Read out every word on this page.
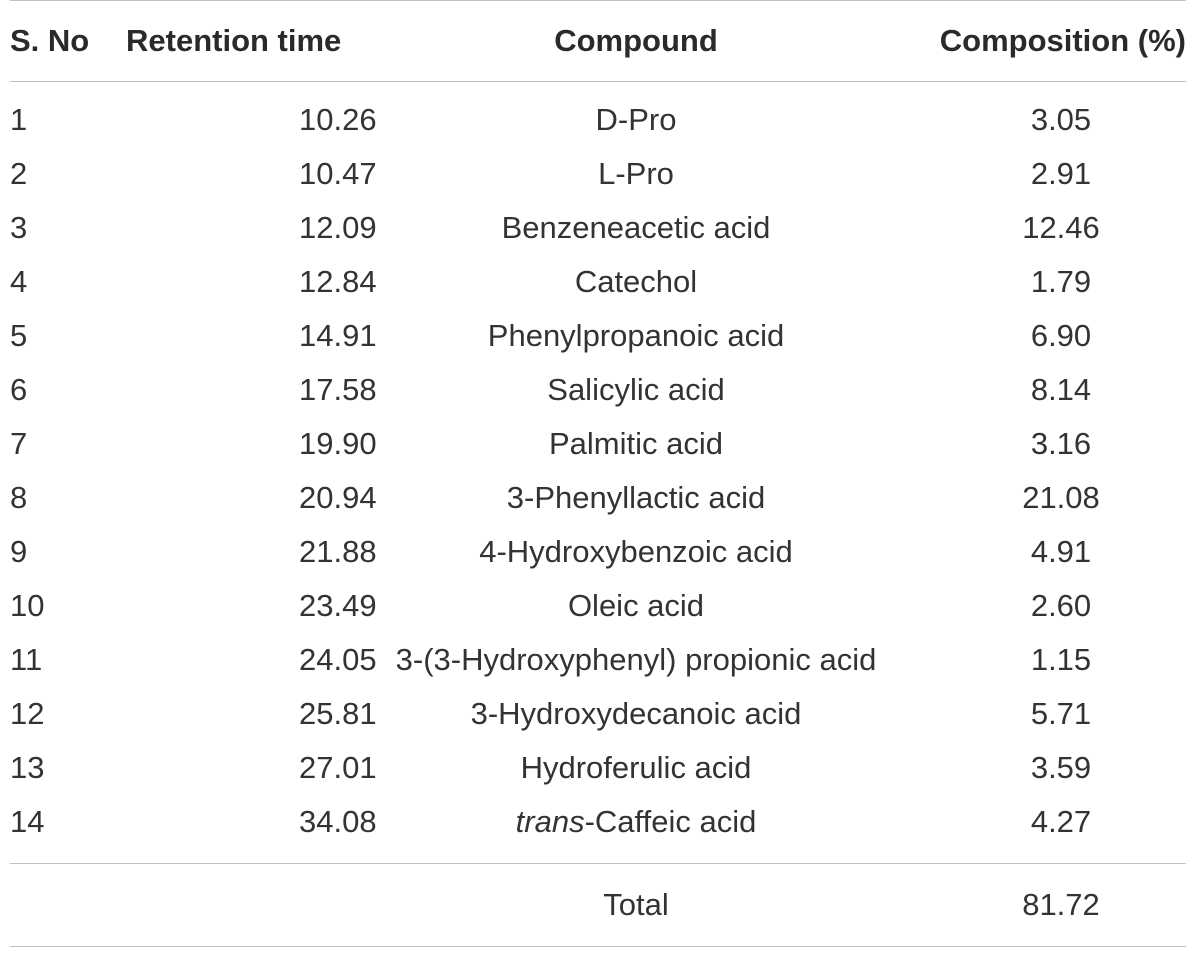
S. No	Retention time	Compound	Composition (%)
1	10.26	D-Pro	3.05
2	10.47	L-Pro	2.91
3	12.09	Benzeneacetic acid	12.46
4	12.84	Catechol	1.79
5	14.91	Phenylpropanoic acid	6.90
6	17.58	Salicylic acid	8.14
7	19.90	Palmitic acid	3.16
8	20.94	3-Phenyllactic acid	21.08
9	21.88	4-Hydroxybenzoic acid	4.91
10	23.49	Oleic acid	2.60
11	24.05	3-(3-Hydroxyphenyl) propionic acid	1.15
12	25.81	3-Hydroxydecanoic acid	5.71
13	27.01	Hydroferulic acid	3.59
14	34.08	trans-Caffeic acid	4.27
		Total	81.72
